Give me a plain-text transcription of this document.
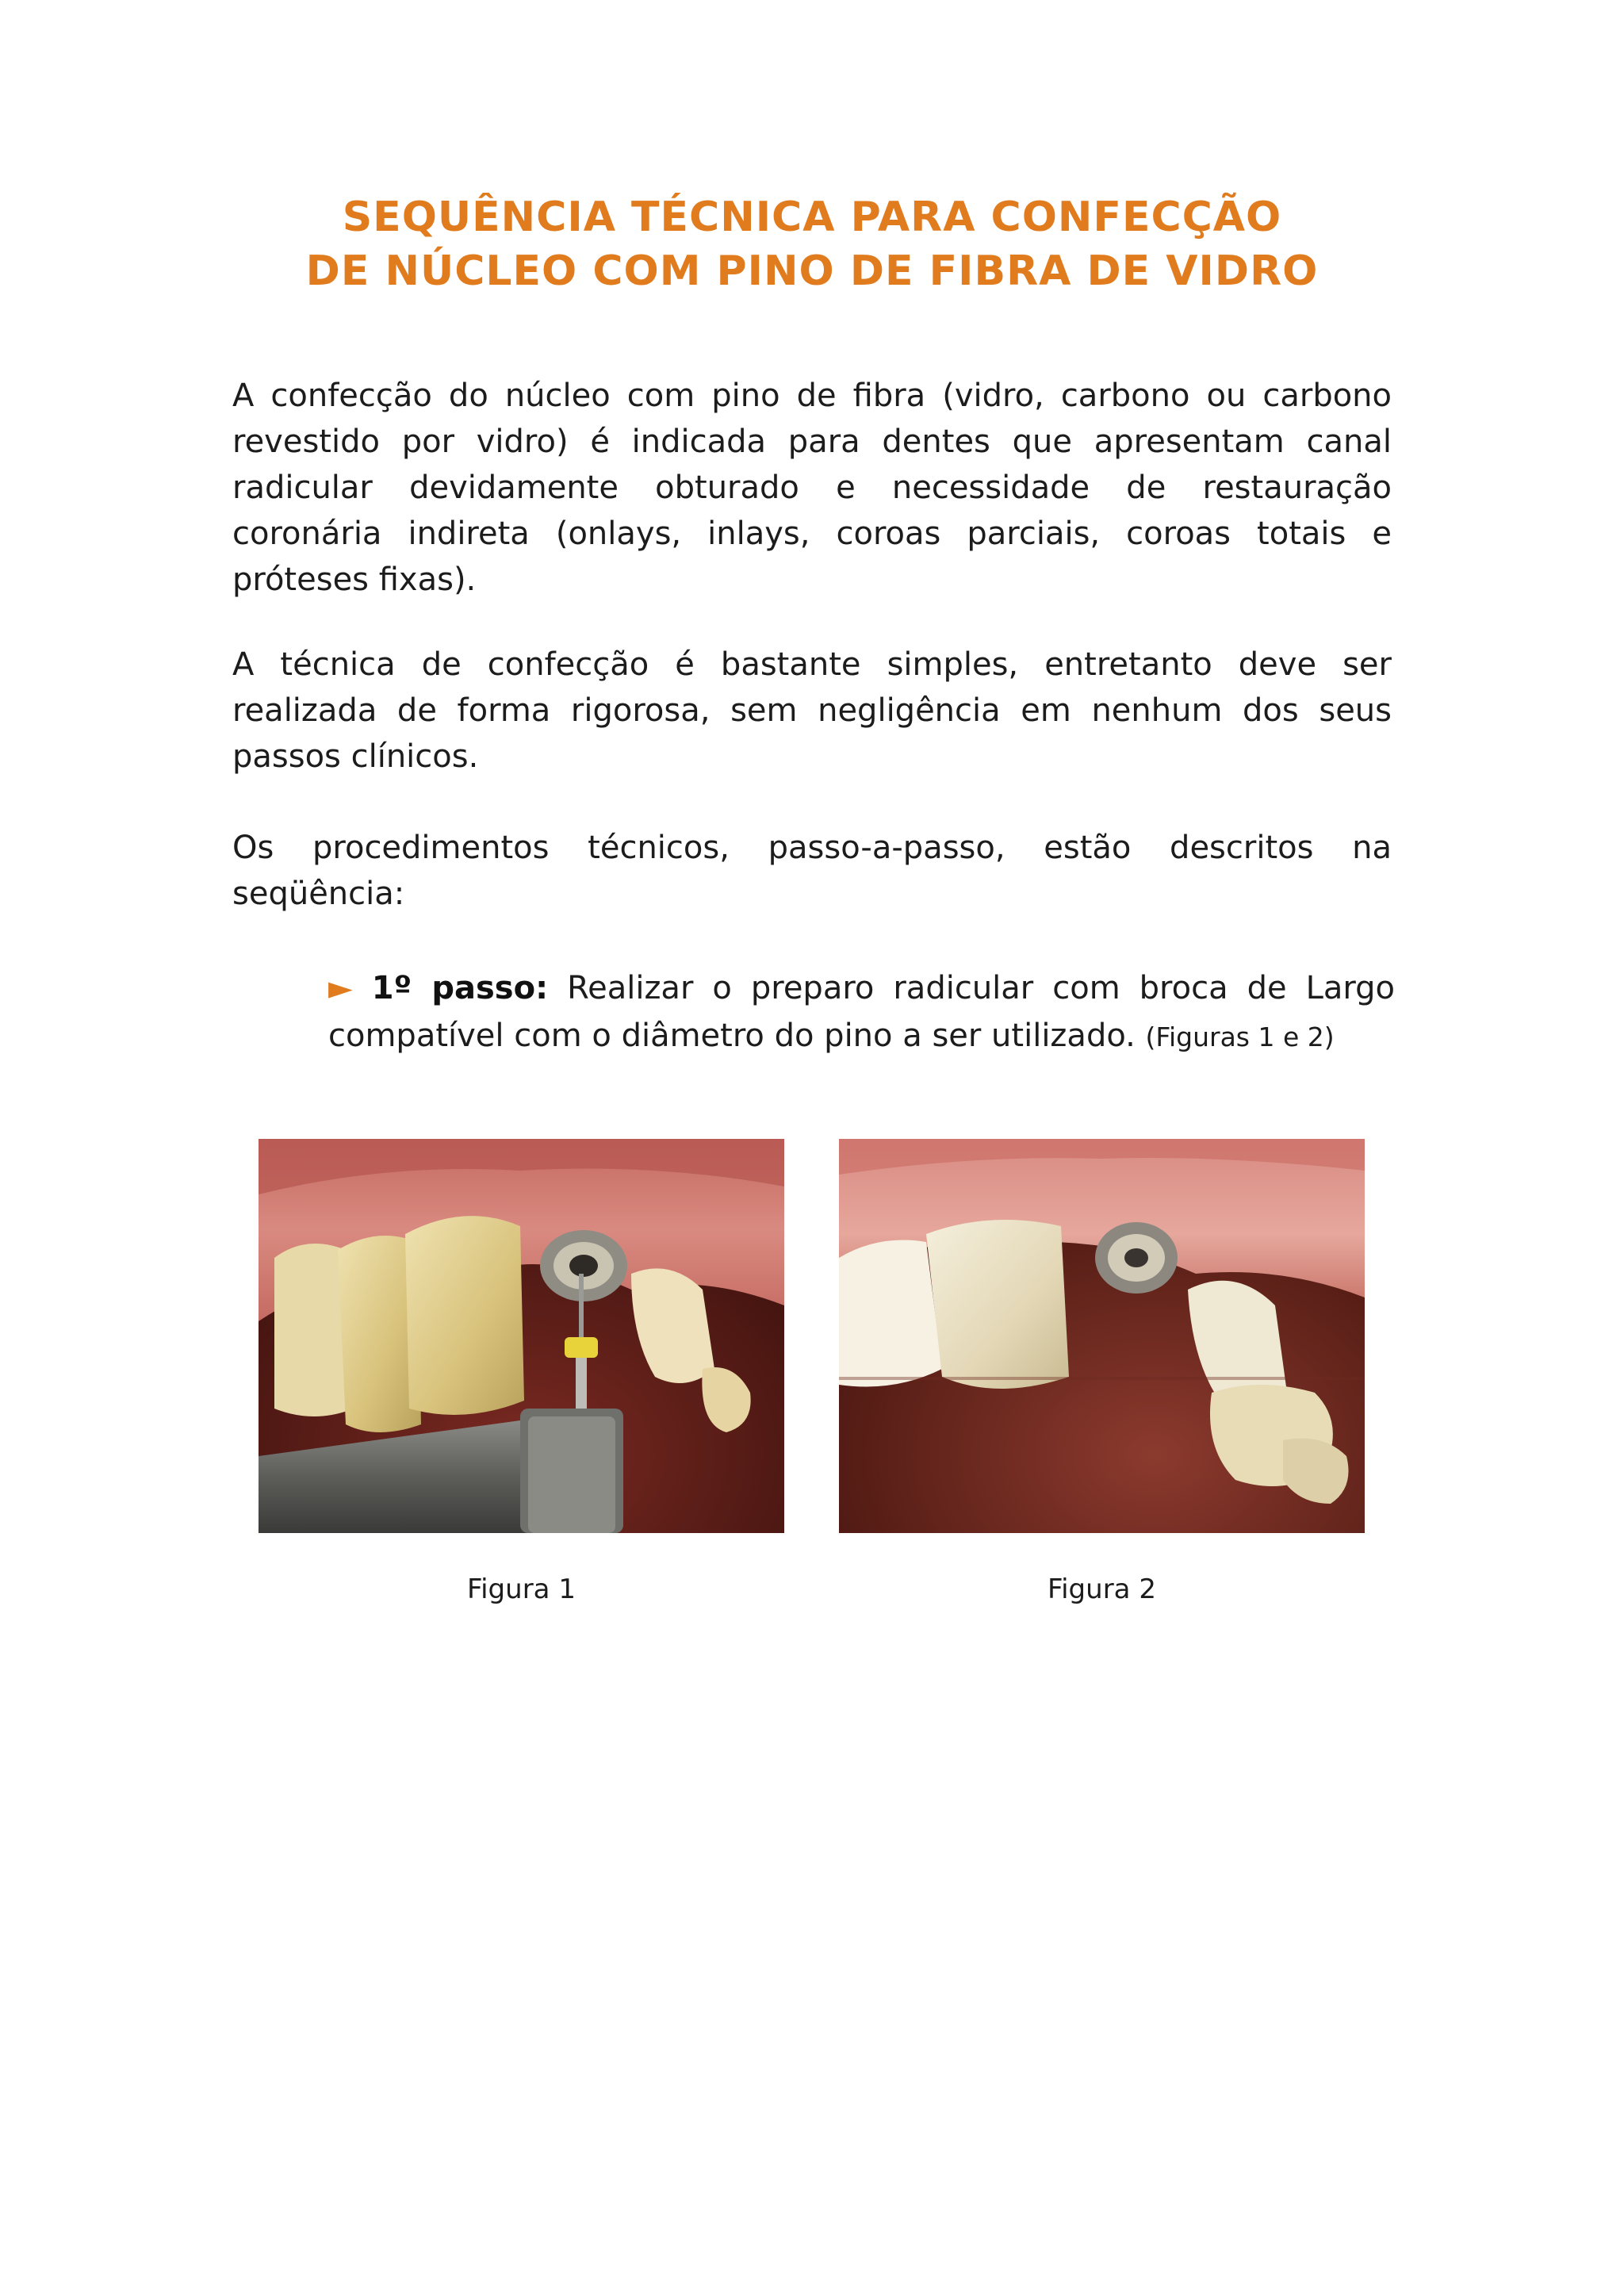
SEQUÊNCIA TÉCNICA PARA CONFECÇÃO
DE NÚCLEO COM PINO DE FIBRA DE VIDRO
A confecção do núcleo com pino de fibra (vidro, carbono ou carbono revestido por vidro) é indicada para dentes que apresentam canal radicular devidamente obturado e necessidade de restauração coronária indireta (onlays, inlays, coroas parciais, coroas totais e próteses fixas).
A técnica de confecção é bastante simples, entretanto deve ser realizada de forma rigorosa, sem negligência em nenhum dos seus passos clínicos.
Os procedimentos técnicos, passo-a-passo, estão descritos na seqüência:
► 1º passo: Realizar o preparo radicular com broca de Largo compatível com o diâmetro do pino a ser utilizado. (Figuras 1 e 2)
Figura 1	Figura 2
